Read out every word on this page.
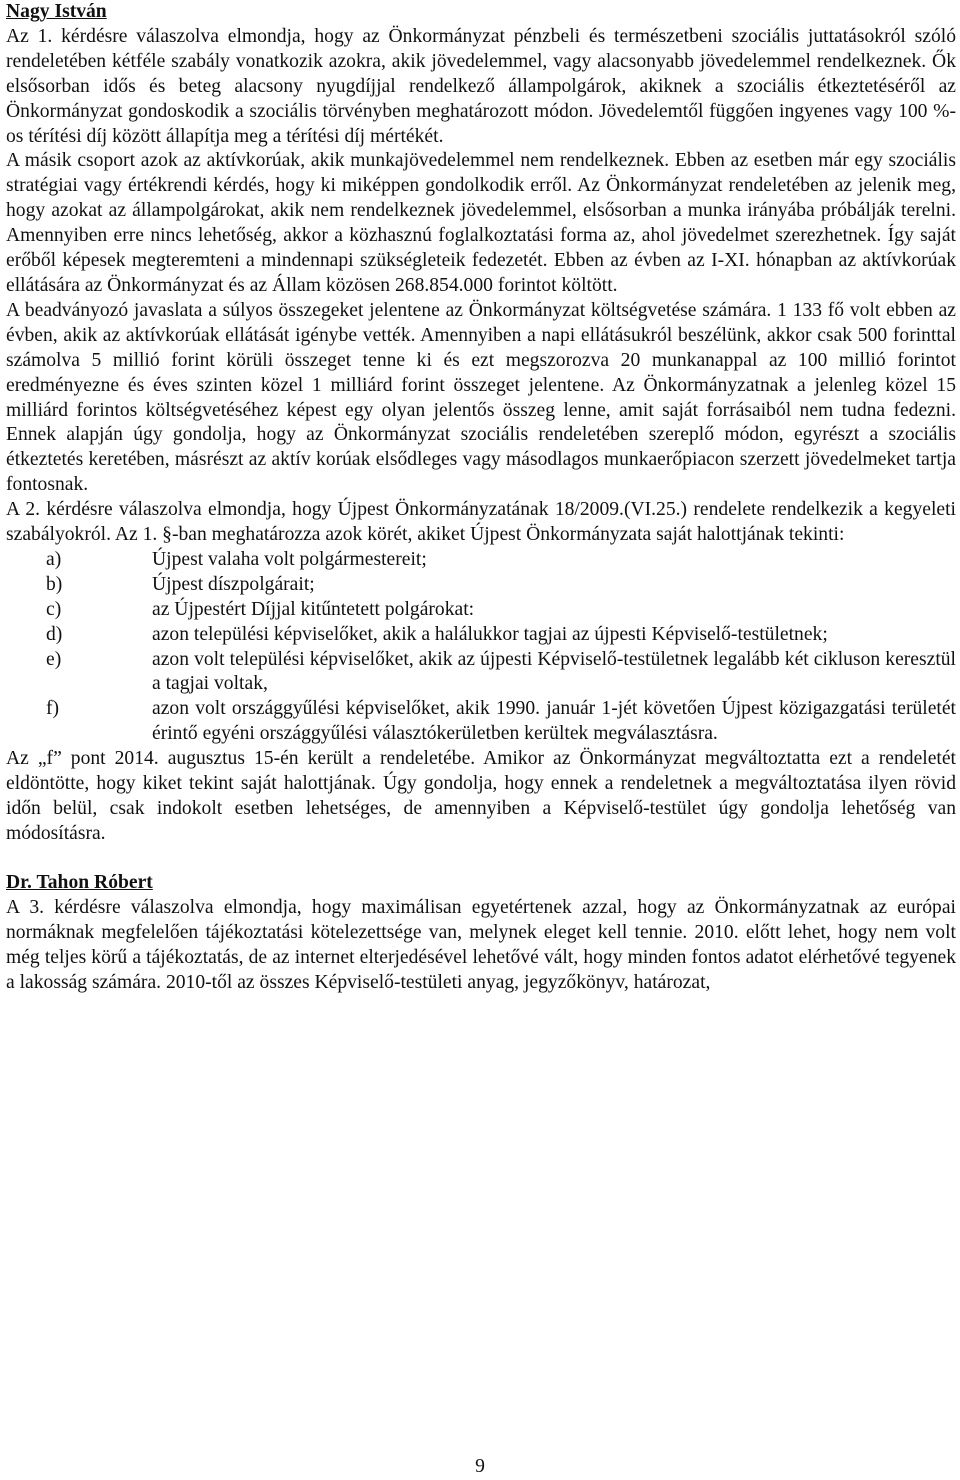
Nagy István

Az 1. kérdésre válaszolva elmondja, hogy az Önkormányzat pénzbeli és természetbeni szociális juttatásokról szóló rendeletében kétféle szabály vonatkozik azokra, akik jövedelemmel, vagy alacsonyabb jövedelemmel rendelkeznek. Ők elsősorban idős és beteg alacsony nyugdíjjal rendelkező állampolgárok, akiknek a szociális étkeztetéséről az Önkormányzat gondoskodik a szociális törvényben meghatározott módon. Jövedelemtől függően ingyenes vagy 100 %-os térítési díj között állapítja meg a térítési díj mértékét.

A másik csoport azok az aktívkorúak, akik munkajövedelemmel nem rendelkeznek. Ebben az esetben már egy szociális stratégiai vagy értékrendi kérdés, hogy ki miképpen gondolkodik erről. Az Önkormányzat rendeletében az jelenik meg, hogy azokat az állampolgárokat, akik nem rendelkeznek jövedelemmel, elsősorban a munka irányába próbálják terelni. Amennyiben erre nincs lehetőség, akkor a közhasznú foglalkoztatási forma az, ahol jövedelmet szerezhetnek. Így saját erőből képesek megteremteni a mindennapi szükségleteik fedezetét. Ebben az évben az I-XI. hónapban az aktívkorúak ellátására az Önkormányzat és az Állam közösen 268.854.000 forintot költött.

A beadványozó javaslata a súlyos összegeket jelentene az Önkormányzat költségvetése számára. 1 133 fő volt ebben az évben, akik az aktívkorúak ellátását igénybe vették. Amennyiben a napi ellátásukról beszélünk, akkor csak 500 forinttal számolva 5 millió forint körüli összeget tenne ki és ezt megszorozva 20 munkanappal az 100 millió forintot eredményezne és éves szinten közel 1 milliárd forint összeget jelentene. Az Önkormányzatnak a jelenleg közel 15 milliárd forintos költségvetéséhez képest egy olyan jelentős összeg lenne, amit saját forrásaiból nem tudna fedezni. Ennek alapján úgy gondolja, hogy az Önkormányzat szociális rendeletében szereplő módon, egyrészt a szociális étkeztetés keretében, másrészt az aktív korúak elsődleges vagy másodlagos munkaerőpiacon szerzett jövedelmeket tartja fontosnak.

A 2. kérdésre válaszolva elmondja, hogy Újpest Önkormányzatának 18/2009.(VI.25.) rendelete rendelkezik a kegyeleti szabályokról. Az 1. §-ban meghatározza azok körét, akiket Újpest Önkormányzata saját halottjának tekinti:

a)	Újpest valaha volt polgármestereit;
b)	Újpest díszpolgárait;
c)	az Újpestért Díjjal kitűntetett polgárokat:
d)	azon települési képviselőket, akik a halálukkor tagjai az újpesti Képviselő-testületnek;
e)	azon volt települési képviselőket, akik az újpesti Képviselő-testületnek legalább két cikluson keresztül a tagjai voltak,
f)	azon volt országgyűlési képviselőket, akik 1990. január 1-jét követően Újpest közigazgatási területét érintő egyéni országgyűlési választókerületben kerültek megválasztásra.

Az „f” pont 2014. augusztus 15-én került a rendeletébe. Amikor az Önkormányzat megváltoztatta ezt a rendeletét eldöntötte, hogy kiket tekint saját halottjának. Úgy gondolja, hogy ennek a rendeletnek a megváltoztatása ilyen rövid időn belül, csak indokolt esetben lehetséges, de amennyiben a Képviselő-testület úgy gondolja lehetőség van módosításra.

Dr. Tahon Róbert

A 3. kérdésre válaszolva elmondja, hogy maximálisan egyetértenek azzal, hogy az Önkormányzatnak az európai normáknak megfelelően tájékoztatási kötelezettsége van, melynek eleget kell tennie. 2010. előtt lehet, hogy nem volt még teljes körű a tájékoztatás, de az internet elterjedésével lehetővé vált, hogy minden fontos adatot elérhetővé tegyenek a lakosság számára. 2010-től az összes Képviselő-testületi anyag, jegyzőkönyv, határozat,

9
